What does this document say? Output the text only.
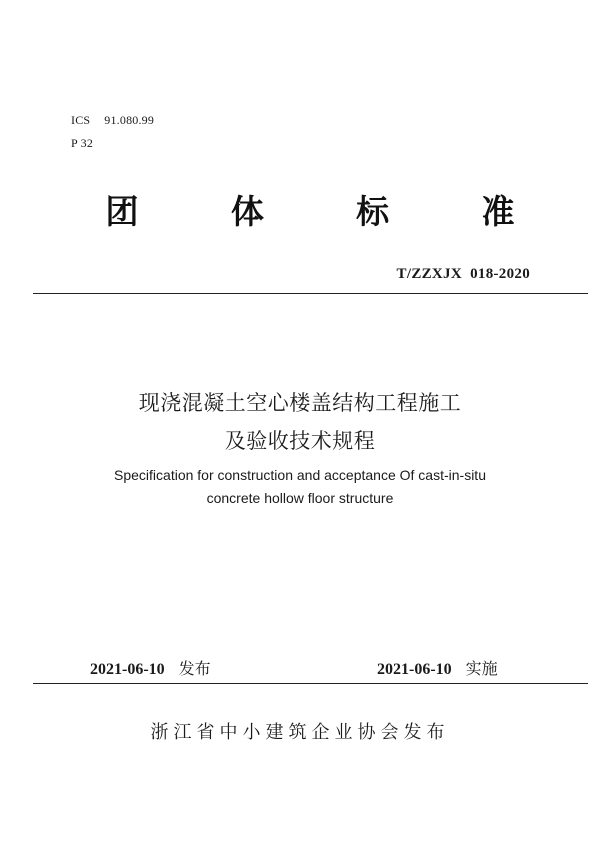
ICS 91.080.99
P 32
团	体	标	准
T/ZZXJX  018-2020
现浇混凝土空心楼盖结构工程施工
及验收技术规程
Specification for construction and acceptance Of cast-in-situ
concrete hollow floor structure
2021-06-10 发布	2021-06-10 实施
浙江省中小建筑企业协会发布
